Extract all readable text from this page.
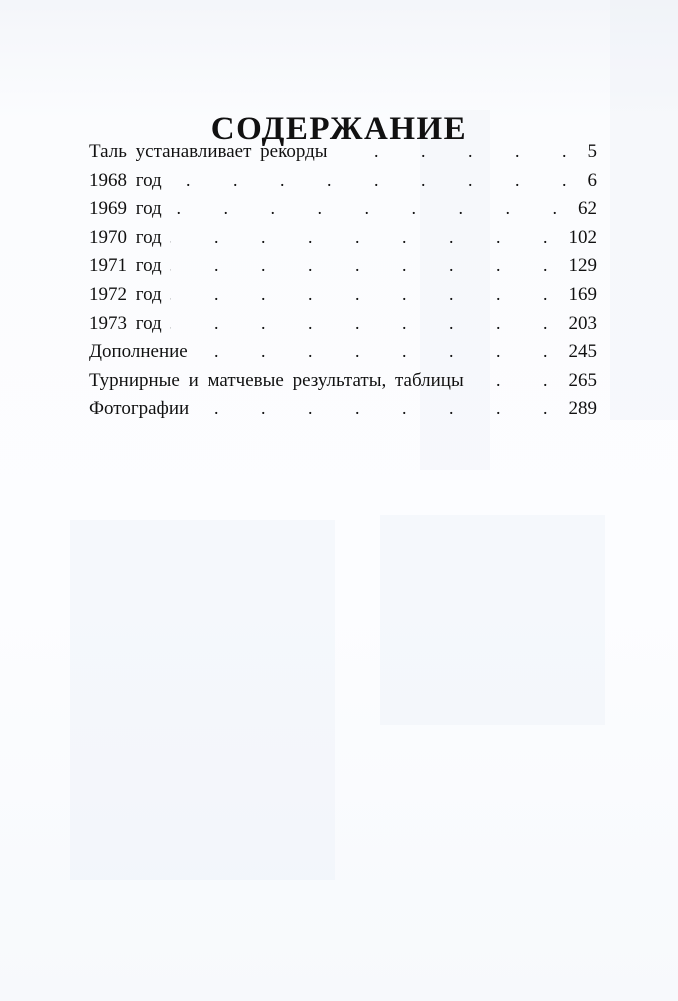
СОДЕРЖАНИЕ
Таль устанавливает рекорды . . .	5
1968 год . . .	6
1969 год . . .	62
1970 год . . .	102
1971 год . . .	129
1972 год . . .	169
1973 год . . .	203
Дополнение . . .	245
Турнирные и матчевые результаты, таблицы . . .	265
Фотографии . . .	289
